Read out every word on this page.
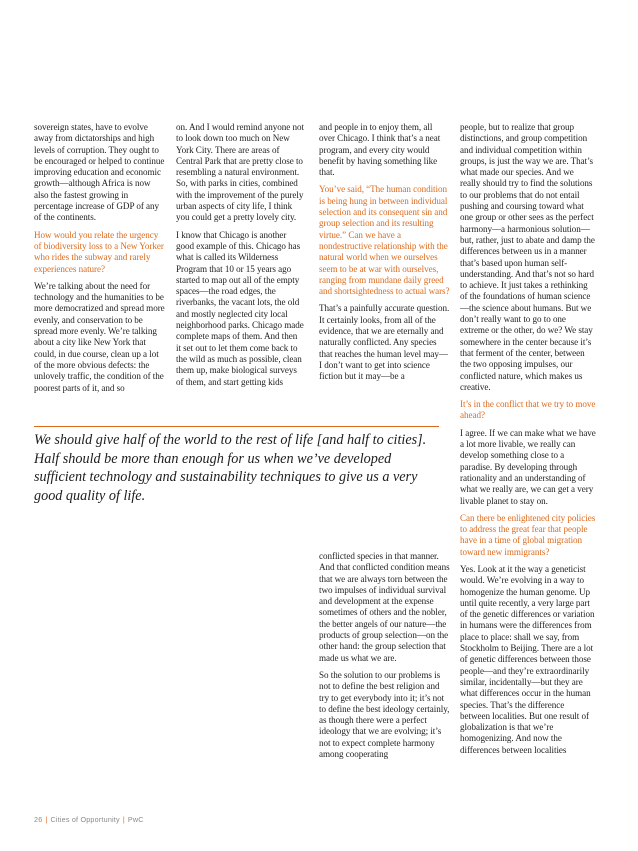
sovereign states, have to evolve away from dictatorships and high levels of corruption. They ought to be encouraged or helped to continue improving education and economic growth—although Africa is now also the fastest growing in percentage increase of GDP of any of the continents.

How would you relate the urgency of biodiversity loss to a New Yorker who rides the subway and rarely experiences nature?

We’re talking about the need for technology and the humanities to be more democratized and spread more evenly, and conservation to be spread more evenly. We’re talking about a city like New York that could, in due course, clean up a lot of the more obvious defects: the unlovely traffic, the condition of the poorest parts of it, and so

on. And I would remind anyone not to look down too much on New York City. There are areas of Central Park that are pretty close to resembling a natural environment. So, with parks in cities, combined with the improvement of the purely urban aspects of city life, I think you could get a pretty lovely city.

I know that Chicago is another good example of this. Chicago has what is called its Wilderness Program that 10 or 15 years ago started to map out all of the empty spaces—the road edges, the riverbanks, the vacant lots, the old and mostly neglected city local neighborhood parks. Chicago made complete maps of them. And then it set out to let them come back to the wild as much as possible, clean them up, make biological surveys of them, and start getting kids

and people in to enjoy them, all over Chicago. I think that’s a neat program, and every city would benefit by having something like that.

You’ve said, “The human condition is being hung in between individual selection and its consequent sin and group selection and its resulting virtue.” Can we have a nondestructive relationship with the natural world when we ourselves seem to be at war with ourselves, ranging from mundane daily greed and shortsightedness to actual wars?

That’s a painfully accurate question. It certainly looks, from all of the evidence, that we are eternally and naturally conflicted. Any species that reaches the human level may—I don’t want to get into science fiction but it may—be a

We should give half of the world to the rest of life [and half to cities]. Half should be more than enough for us when we’ve developed sufficient technology and sustainability techniques to give us a very good quality of life.

conflicted species in that manner. And that conflicted condition means that we are always torn between the two impulses of individual survival and development at the expense sometimes of others and the nobler, the better angels of our nature—the products of group selection—on the other hand: the group selection that made us what we are.

So the solution to our problems is not to define the best religion and try to get everybody into it; it’s not to define the best ideology certainly, as though there were a perfect ideology that we are evolving; it’s not to expect complete harmony among cooperating

people, but to realize that group distinctions, and group competition and individual competition within groups, is just the way we are. That’s what made our species. And we really should try to find the solutions to our problems that do not entail pushing and coursing toward what one group or other sees as the perfect harmony—a harmonious solution—but, rather, just to abate and damp the differences between us in a manner that’s based upon human self-understanding. And that’s not so hard to achieve. It just takes a rethinking of the foundations of human science—the science about humans. But we don’t really want to go to one extreme or the other, do we? We stay somewhere in the center because it’s that ferment of the center, between the two opposing impulses, our conflicted nature, which makes us creative.

It’s in the conflict that we try to move ahead?

I agree. If we can make what we have a lot more livable, we really can develop something close to a paradise. By developing through rationality and an understanding of what we really are, we can get a very livable planet to stay on.

Can there be enlightened city policies to address the great fear that people have in a time of global migration toward new immigrants?

Yes. Look at it the way a geneticist would. We’re evolving in a way to homogenize the human genome. Up until quite recently, a very large part of the genetic differences or variation in humans were the differences from place to place: shall we say, from Stockholm to Beijing. There are a lot of genetic differences between those people—and they’re extraordinarily similar, incidentally—but they are what differences occur in the human species. That’s the difference between localities. But one result of globalization is that we’re homogenizing. And now the differences between localities

26 | Cities of Opportunity | PwC
